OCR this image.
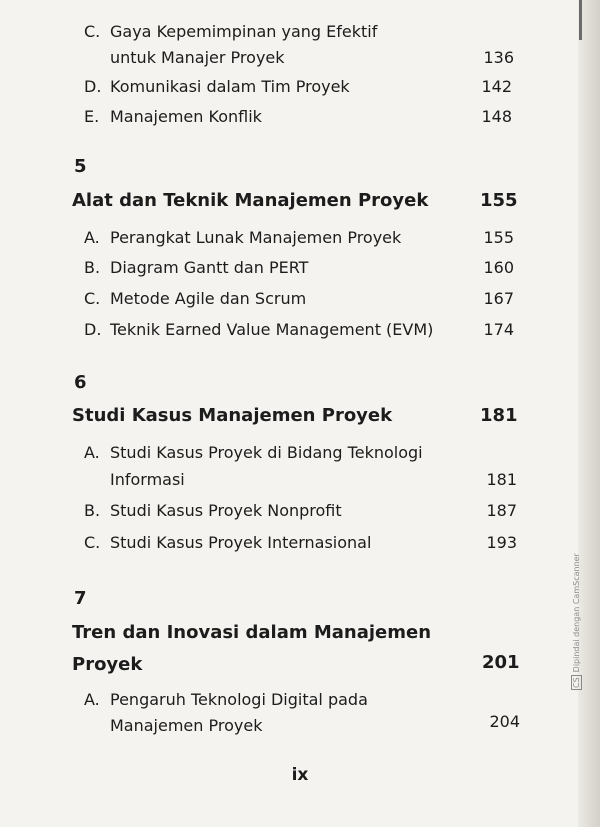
C. Gaya Kepemimpinan yang Efektif
untuk Manajer Proyek	136
D. Komunikasi dalam Tim Proyek	142
E. Manajemen Konflik	148
5
Alat dan Teknik Manajemen Proyek	155
A. Perangkat Lunak Manajemen Proyek	155
B. Diagram Gantt dan PERT	160
C. Metode Agile dan Scrum	167
D. Teknik Earned Value Management (EVM)	174
6
Studi Kasus Manajemen Proyek	181
A. Studi Kasus Proyek di Bidang Teknologi
Informasi	181
B. Studi Kasus Proyek Nonprofit	187
C. Studi Kasus Proyek Internasional	193
7
Tren dan Inovasi dalam Manajemen
Proyek	201
A. Pengaruh Teknologi Digital pada
Manajemen Proyek	204
ix
CSDipindai dengan CamScanner
